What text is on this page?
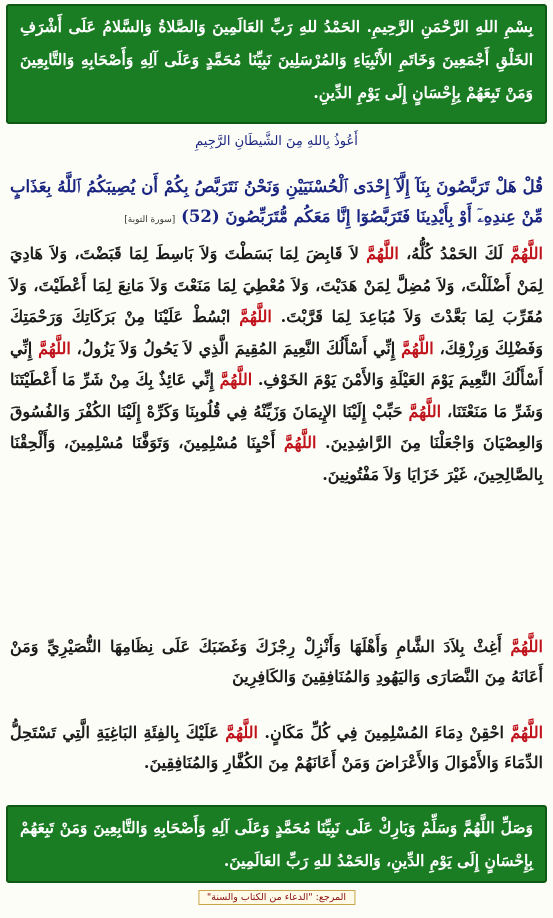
بِسْمِ اللهِ الرَّحْمَنِ الرَّحِيمِ. الحَمْدُ للهِ رَبِّ العَالَمِينَ وَالصَّلاةُ وَالسَّلامُ عَلَى أَشْرَفِ الخَلْقِ أَجْمَعِينَ وَخَاتَمِ الأَنْبِيَاءِ وَالمُرْسَلِينَ نَبِيِّنَا مُحَمَّدٍ وَعَلَى آلِهِ وَأَصْحَابِهِ وَالتَّابِعِينَ وَمَنْ تَبِعَهُمْ بِإِحْسَانٍ إِلَى يَوْمِ الدِّينِ.
أَعُوذُ بِاللهِ مِنَ الشَّيطَانِ الرَّجِيمِ
قُلْ هَلْ تَرَبَّصُونَ بِنَآ إِلَّآ إِحْدَى ٱلْحُسْنَيَيْنِ وَنَحْنُ نَتَرَبَّصُ بِكُمْ أَن يُصِيبَكُمُ ٱللَّهُ بِعَذَابٍ مِّنْ عِندِهِۦٓ أَوْ بِأَيْدِينَا فَتَرَبَّصُوٓا إِنَّا مَعَكُم مُّتَرَبِّصُونَ (52) [سورة التوبة]
اللَّهُمَّ لَكَ الحَمْدُ كُلُّهُ، اللَّهُمَّ لاَ قَابِضَ لِمَا بَسَطْتَ وَلاَ بَاسِطَ لِمَا قَبَضْتَ، وَلاَ هَادِيَ لِمَنْ أَضْلَلْتَ، وَلاَ مُضِلَّ لِمَنْ هَدَيْتَ، وَلاَ مُعْطِيَ لِمَا مَنَعْتَ وَلاَ مَانِعَ لِمَا أَعْطَيْتَ، وَلاَ مُقَرِّبَ لِمَا بَعَّدْتَ وَلاَ مُبَاعِدَ لِمَا قَرَّبْتَ. اللَّهُمَّ ابْسُطْ عَلَيْنَا مِنْ بَرَكَاتِكَ وَرَحْمَتِكَ وَفَضْلِكَ وَرِزْقِكَ، اللَّهُمَّ إِنِّي أَسْأَلُكَ النَّعِيمَ المُقِيمَ الَّذِي لاَ يَحُولُ وَلاَ يَزُولُ، اللَّهُمَّ إِنِّي أَسْأَلُكَ النَّعِيمَ يَوْمَ العَيْلَةِ وَالأَمْنَ يَوْمَ الخَوْفِ. اللَّهُمَّ إِنِّي عَائِذٌ بِكَ مِنْ شَرِّ مَا أَعْطَيْتَنَا وَشَرِّ مَا مَنَعْتَنَا، اللَّهُمَّ حَبِّبْ إِلَيْنَا الإِيمَانَ وَزَيِّنْهُ فِي قُلُوبِنَا وَكَرِّهْ إِلَيْنَا الكُفْرَ وَالفُسُوقَ وَالعِصْيَانَ وَاجْعَلْنَا مِنَ الرَّاشِدِينَ. اللَّهُمَّ أَحْيِنَا مُسْلِمِينَ، وَتَوَفَّنَا مُسْلِمِينَ، وَأَلْحِقْنَا بِالصَّالِحِينَ، غَيْرَ خَزَايَا وَلاَ مَفْتُونِينَ.
اللَّهُمَّ أَغِثْ بِلاَدَ الشَّامِ وَأَهْلَهَا وَأَنْزِلْ رِجْزَكَ وَغَضَبَكَ عَلَى نِظَامِهَا النُّصَيْرِيِّ وَمَنْ أَعَانَهُ مِنَ النَّصَارَى وَاليَهُودِ وَالمُنَافِقِينَ وَالكَافِرِينَ
اللَّهُمَّ احْقِنْ دِمَاءَ المُسْلِمِينَ فِي كُلِّ مَكَانٍ. اللَّهُمَّ عَلَيْكَ بِالفِئَةِ البَاغِيَةِ الَّتِي تَسْتَحِلُّ الدِّمَاءَ وَالأَمْوَالَ وَالأَعْرَاضَ وَمَنْ أَعَانَهُمْ مِنَ الكُفَّارِ وَالمُنَافِقِينَ.
وَصَلِّ اللَّهُمَّ وَسَلِّمْ وَبَارِكْ عَلَى نَبِيِّنَا مُحَمَّدٍ وَعَلَى آلِهِ وَأَصْحَابِهِ وَالتَّابِعِينَ وَمَنْ تَبِعَهُمْ بِإِحْسَانٍ إِلَى يَوْمِ الدِّينِ، وَالحَمْدُ للهِ رَبِّ العَالَمِينَ.
المرجع: "الدعاء من الكتاب والسنة"
